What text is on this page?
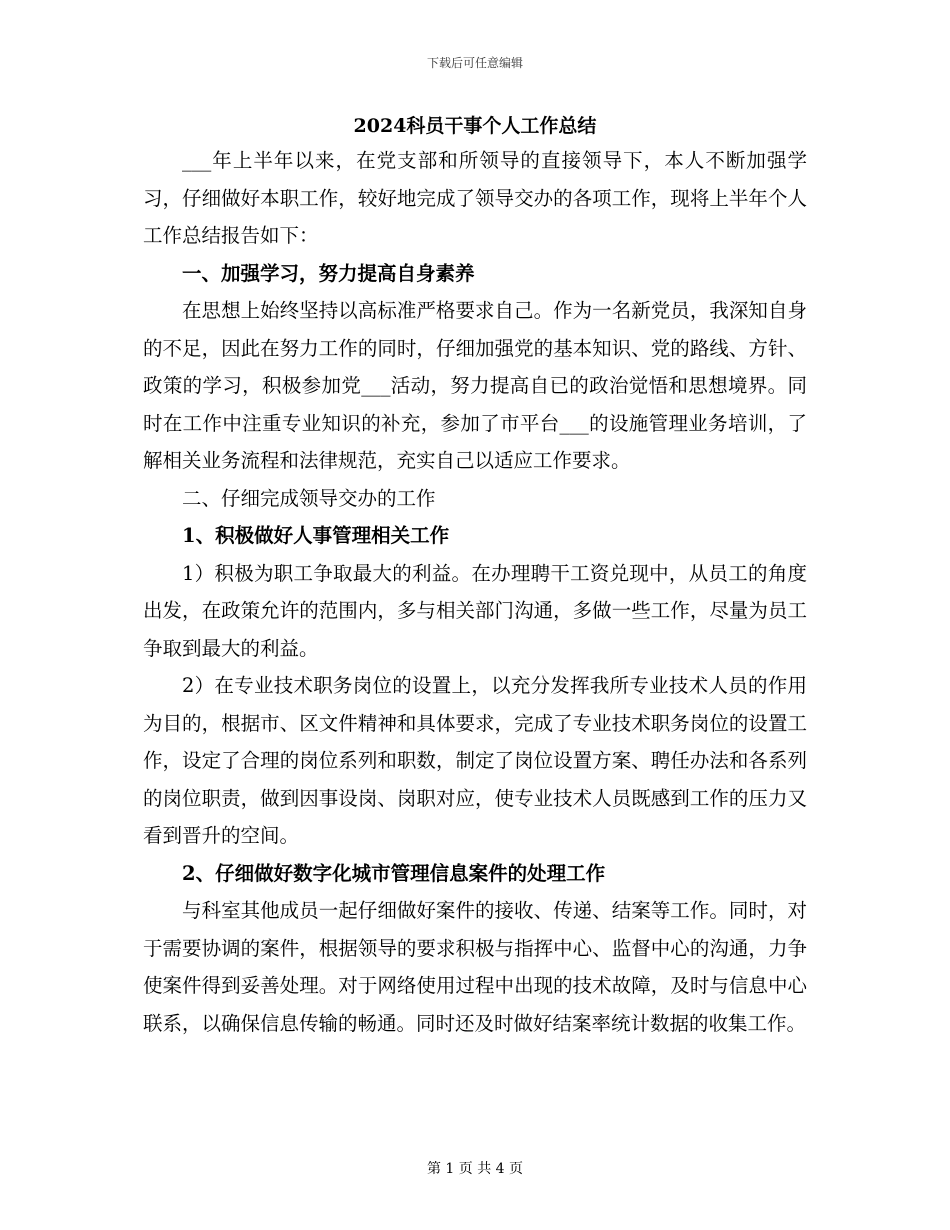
下载后可任意编辑
2024科员干事个人工作总结

___年上半年以来，在党支部和所领导的直接领导下，本人不断加强学习，仔细做好本职工作，较好地完成了领导交办的各项工作，现将上半年个人工作总结报告如下：

一、加强学习，努力提高自身素养

在思想上始终坚持以高标准严格要求自己。作为一名新党员，我深知自身的不足，因此在努力工作的同时，仔细加强党的基本知识、党的路线、方针、政策的学习，积极参加党___活动，努力提高自已的政治觉悟和思想境界。同时在工作中注重专业知识的补充，参加了市平台___的设施管理业务培训，了解相关业务流程和法律规范，充实自己以适应工作要求。

二、仔细完成领导交办的工作

1、积极做好人事管理相关工作

1）积极为职工争取最大的利益。在办理聘干工资兑现中，从员工的角度出发，在政策允许的范围内，多与相关部门沟通，多做一些工作，尽量为员工争取到最大的利益。

2）在专业技术职务岗位的设置上，以充分发挥我所专业技术人员的作用为目的，根据市、区文件精神和具体要求，完成了专业技术职务岗位的设置工作，设定了合理的岗位系列和职数，制定了岗位设置方案、聘任办法和各系列的岗位职责，做到因事设岗、岗职对应，使专业技术人员既感到工作的压力又看到晋升的空间。

2、仔细做好数字化城市管理信息案件的处理工作

与科室其他成员一起仔细做好案件的接收、传递、结案等工作。同时，对于需要协调的案件，根据领导的要求积极与指挥中心、监督中心的沟通，力争使案件得到妥善处理。对于网络使用过程中出现的技术故障，及时与信息中心联系，以确保信息传输的畅通。同时还及时做好结案率统计数据的收集工作。

第 1 页 共 4 页
